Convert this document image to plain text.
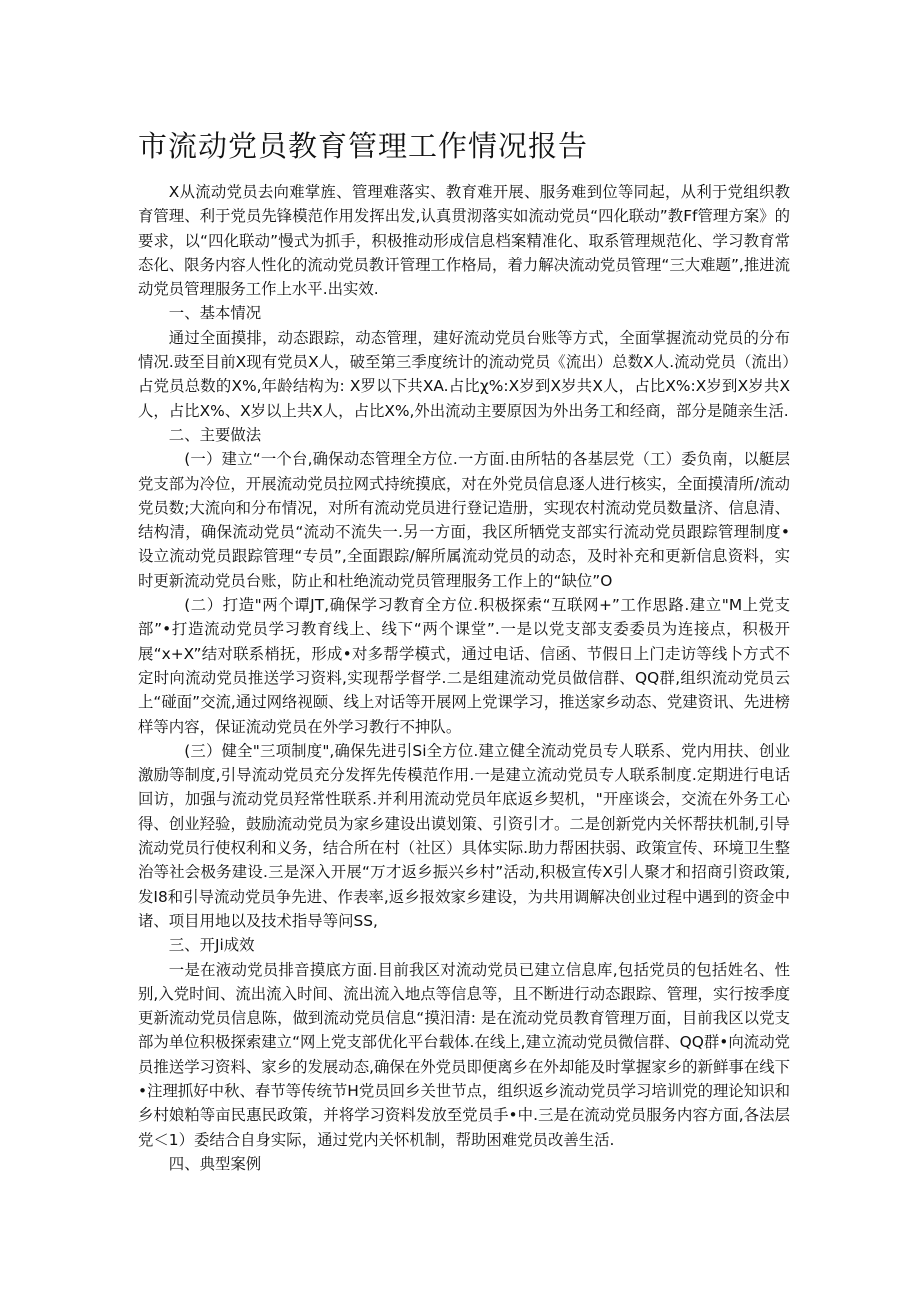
市流动党员教育管理工作情况报告

X从流动党员去向难掌旌、管理难落实、教育难开展、服务难到位等同起，从利于党组织教育管理、利于党员先锋模范作用发挥出发,认真贯沏落实如流动党员“四化联动”教Ff管理方案》的要求，以“四化联动”慢式为抓手，积极推动形成信息档案精准化、取系管理规范化、学习教育常态化、限务内容人性化的流动党员教讦管理工作格局，着力解决流动党员管理“三大难题”,推进流动党员管理服务工作上水平.出实效.

一、基本情况

通过全面摸排，动态跟踪，动态管理，建好流动党员台账等方式，全面掌握流动党员的分布情况.豉至目前X现有党员X人，破至第三季度统计的流动党员《流出）总数X人.流动党员（流出）占党员总数的X%,年龄结构为: X罗以下共XA.占比χ%:X岁到X岁共X人，占比X%:X岁到X岁共X人，占比X%、X岁以上共X人，占比X%,外出流动主要原因为外出务工和经商，部分是随亲生活.

二、主要做法

(一）建立“一个台,确保动态管理全方位.一方面.由所牯的各基层党（工）委负南，以艇层党支部为冷位，开展流动党员拉网式持统摸底，对在外党员信息逐人进行核实，全面摸清所/流动党员数;大流向和分布情况，对所有流动党员进行登记造册，实现农村流动党员数量济、信息清、结构清，确保流动党员“流动不流失一.另一方面，我区所牺党支部实行流动党员跟踪管理制度•设立流动党员跟踪管理“专员”,全面跟踪/解所属流动党员的动态，及时补充和更新信息资料，实时更新流动党员台账，防止和杜绝流动党员管理服务工作上的“缺位”O

(二）打造"两个谭JT,确保学习教育全方位.积极探索“互联网+”工作思路.建立"M上党支部”•打造流动党员学习教育线上、线下“两个课堂”.一是以党支部支委委员为连接点，积极开展“x+X”结对联系梢抚，形成•对多帮学模式，通过电话、信函、节假日上门走访等线卜方式不定时向流动党员推送学习资料,实现帮学督学.二是组建流动党员做信群、QQ群,组织流动党员云上“碰面”交流,通过网络视颐、线上对话等开展网上党课学习，推送家乡动态、党建资讯、先进榜样等内容，保证流动党员在外学习教行不抻队。

(三）健全"三项制度",确保先进引Si全方位.建立健全流动党员专人联系、党内用扶、创业激励等制度,引导流动党员充分发挥先传模范作用.一是建立流动党员专人联系制度.定期进行电话回访，加强与流动党员羟常性联系.并利用流动党员年底返乡契机，"开座谈会，交流在外务工心得、创业羟验，鼓励流动党员为家乡建设出谟划策、引资引才。二是创新党内关怀帮扶机制,引导流动党员行使权利和义务，结合所在村（社区）具体实际.助力帮困扶弱、政策宣传、环境卫生整治等社会极务建设.三是深入开展“万才返乡振兴乡村”活动,积极宣传X引人聚才和招商引资政策,发I8和引导流动党员争先进、作表率,返乡报效家乡建设，为共用调解决创业过程中遇到的资金中诸、项目用地以及技术指导等问SS,

三、开Ji成效

一是在液动党员排音摸底方面.目前我区对流动党员已建立信息库,包括党员的包括姓名、性别,入党时间、流出流入时间、流出流入地点等信息等，且不断进行动态跟踪、管理，实行按季度更新流动党员信息陈，做到流动党员信息“摸汨清: 是在流动党员教育管理万面，目前我区以党支部为单位积极探索建立“网上党支部优化平台载体.在线上,建立流动党员微信群、QQ群•向流动党员推送学习资料、家乡的发展动态,确保在外党员即便离乡在外却能及时掌握家乡的新鲜事在线下•注理抓好中秋、春节等传统节H党员回乡关世节点，组织返乡流动党员学习培训党的理论知识和乡村娘粕等亩民惠民政策，并将学习资料发放至党员手•中.三是在流动党员服务内容方面,各法层党＜1）委结合自身实际，通过党内关怀机制，帮助困难党员改善生活.

四、典型案例
